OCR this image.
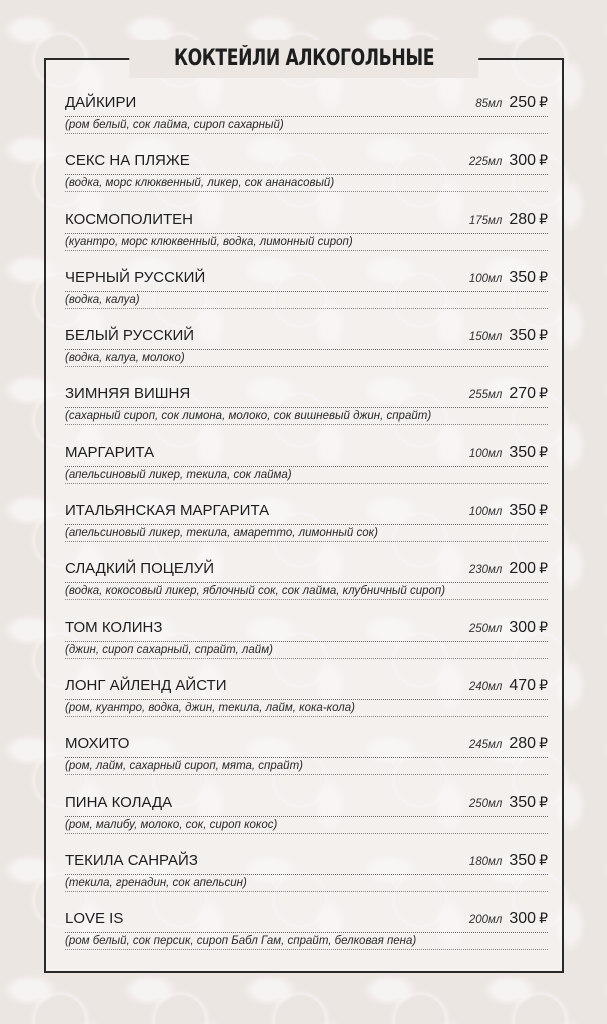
КОКТЕЙЛИ АЛКОГОЛЬНЫЕ
ДАЙКИРИ	85мл 250 ₽
(ром белый, сок лайма, сироп сахарный)
СЕКС НА ПЛЯЖЕ	225мл 300 ₽
(водка, морс клюквенный, ликер, сок ананасовый)
КОСМОПОЛИТЕН	175мл 280 ₽
(куантро, морс клюквенный, водка, лимонный сироп)
ЧЕРНЫЙ РУССКИЙ	100мл 350 ₽
(водка, калуа)
БЕЛЫЙ РУССКИЙ	150мл 350 ₽
(водка, калуа, молоко)
ЗИМНЯЯ ВИШНЯ	255мл 270 ₽
(сахарный сироп, сок лимона, молоко, сок вишневый джин, спрайт)
МАРГАРИТА	100мл 350 ₽
(апельсиновый ликер, текила, сок лайма)
ИТАЛЬЯНСКАЯ МАРГАРИТА	100мл 350 ₽
(апельсиновый ликер, текила, амаретто, лимонный сок)
СЛАДКИЙ ПОЦЕЛУЙ	230мл 200 ₽
(водка, кокосовый ликер, яблочный сок, сок лайма, клубничный сироп)
ТОМ КОЛИНЗ	250мл 300 ₽
(джин, сироп сахарный, спрайт, лайм)
ЛОНГ АЙЛЕНД АЙСТИ	240мл 470 ₽
(ром, куантро, водка, джин, текила, лайм, кока-кола)
МОХИТО	245мл 280 ₽
(ром, лайм, сахарный сироп, мята, спрайт)
ПИНА КОЛАДА	250мл 350 ₽
(ром, малибу, молоко, сок, сироп кокос)
ТЕКИЛА САНРАЙЗ	180мл 350 ₽
(текила, гренадин, сок апельсин)
LOVE IS	200мл 300 ₽
(ром белый, сок персик, сироп Бабл Гам, спрайт, белковая пена)
